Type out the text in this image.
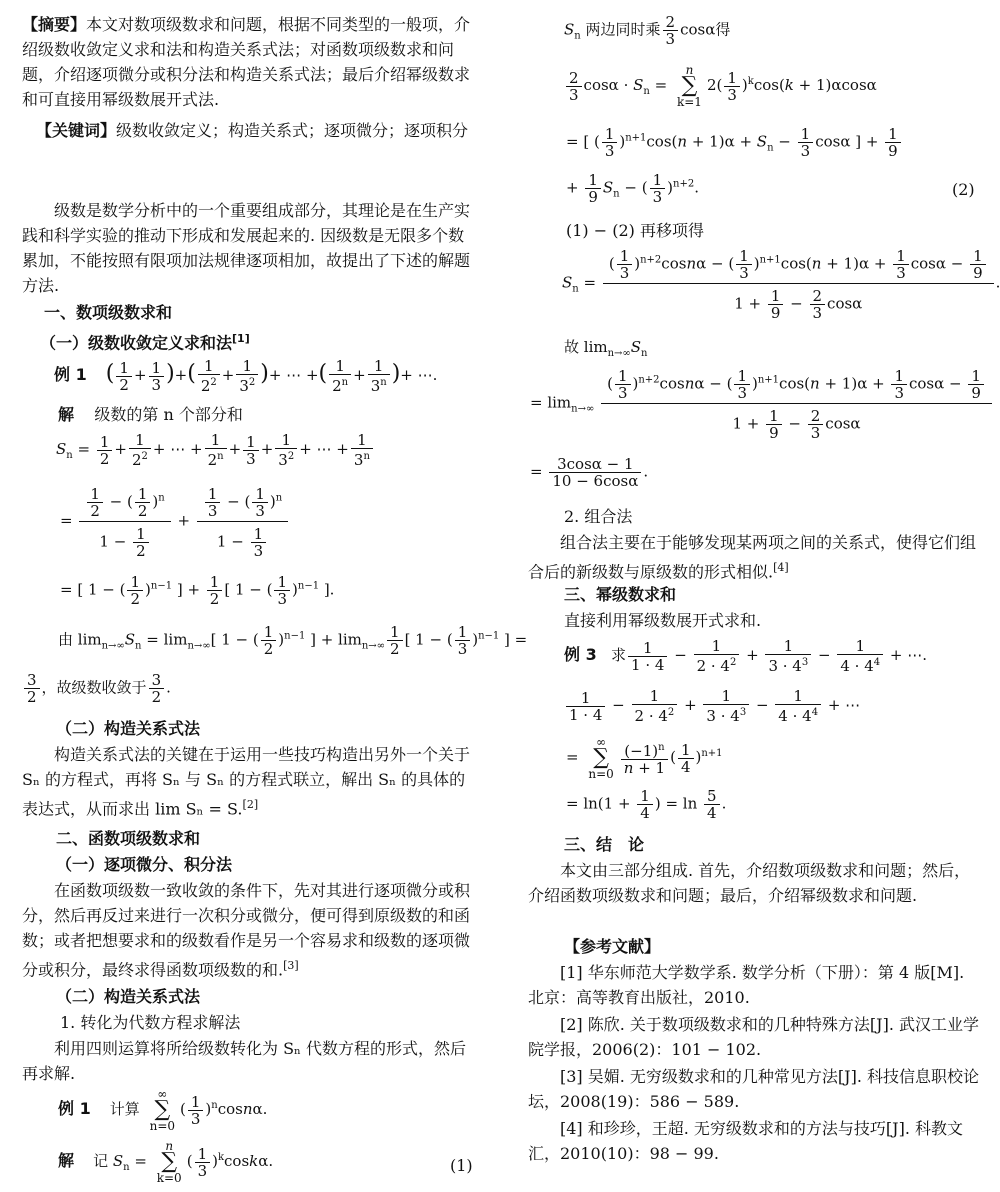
【摘要】本文对数项级数求和问题，根据不同类型的一般项，介绍级数收敛定义求和法和构造关系式法；对函数项级数求和问题，介绍逐项微分或积分法和构造关系式法；最后介绍幂级数求和可直接用幂级数展开式法.

【关键词】级数收敛定义；构造关系式；逐项微分；逐项积分

级数是数学分析中的一个重要组成部分，其理论是在生产实践和科学实验的推动下形成和发展起来的. 因级数是无限多个数累加，不能按照有限项加法规律逐项相加，故提出了下述的解题方法.

一、数项级数求和
（一）级数收敛定义求和法[1]
例 1 ( $\frac{1}{2} + \frac{1}{3}$ )+( $\frac{1}{2^2} + \frac{1}{3^2}$ )+ ⋯ +( $\frac{1}{2^n} + \frac{1}{3^n}$ )+ ⋯.
解 级数的第 n 个部分和
$S_n = \frac{1}{2} + \frac{1}{2^2}$ + ⋯ + $\frac{1}{2^n} + \frac{1}{3} + \frac{1}{3^2}$ + ⋯ + $\frac{1}{3^n}$
= $\frac{\frac{1}{2} - ( \frac{1}{2} )^n}{1 - \frac{1}{2}} + \frac{\frac{1}{3} - ( \frac{1}{3} )^n}{1 - \frac{1}{3}}$
= [ 1 − ( $\frac{1}{2} )^{n-1}$ ] + $\frac{1}{2}$ [ 1 − ( $\frac{1}{3} )^{n-1}$ ].
由 $\lim_{n\to\infty}S_n = \lim_{n\to\infty}$[ 1 − ( $\frac{1}{2} )^{n-1}$ ] + $\lim_{n\to\infty} \frac{1}{2}$ [ 1 − ( $\frac{1}{3} )^{n-1}$ ] =
$\frac{3}{2}$ ，故级数收敛于 $\frac{3}{2}$ .
（二）构造关系式法

构造关系式法的关键在于运用一些技巧构造出另外一个关于 Sₙ 的方程式，再将 Sₙ 与 Sₙ 的方程式联立，解出 Sₙ 的具体的表达式，从而求出 lim Sₙ = S.[2]

二、函数项级数求和
（一）逐项微分、积分法

在函数项级数一致收敛的条件下，先对其进行逐项微分或积分，然后再反过来进行一次积分或微分，便可得到原级数的和函数；或者把想要求和的级数看作是另一个容易求和级数的逐项微分或积分，最终求得函数项级数的和.[3]

（二）构造关系式法
1. 转化为代数方程求解法

利用四则运算将所给级数转化为 Sₙ 代数方程的形式，然后再求解.

例 1 计算
∞
∑
n=0
( $\frac{1}{3} )^n\cos n\alpha$.
解 记 $S_n$ =
n
∑
k=0
( $\frac{1}{3} )^k\cos k\alpha$.	(1)
$S_n$ 两边同时乘 $\frac{2}{3}$ cosα得
$\frac{2}{3}$ $\cos\alpha \cdot S_n$ =
n
∑
k=1
$2( \frac{1}{3} )^k\cos(k + 1)\alpha\cos\alpha$
= [ ( $\frac{1}{3} )^{n+1}\cos(n + 1)\alpha + S_n - \frac{1}{3}$ cosα ] + $\frac{1}{9}$
+ $\frac{1}{9} S_n$ − ( $\frac{1}{3} )^{n+2}$.	(2)
(1) − (2) 再移项得
$S_n = \frac{( \frac{1}{3} )^{n+2}\cos n\alpha - ( \frac{1}{3} )^{n+1}\cos(n + 1)\alpha + \frac{1}{3} \cos\alpha - \frac{1}{9}}{1 + \frac{1}{9} - \frac{2}{3} \cos\alpha}$ .
故 $\lim_{n\to\infty}S_n$
= $\lim_{n\to\infty} \frac{( \frac{1}{3} )^{n+2}\cos n\alpha - ( \frac{1}{3} )^{n+1}\cos(n + 1)\alpha + \frac{1}{3} \cos\alpha - \frac{1}{9}}{1 + \frac{1}{9} - \frac{2}{3} \cos\alpha}$
= $\frac{3\cos\alpha - 1}{10 - 6\cos\alpha}$ .
2. 组合法

组合法主要在于能够发现某两项之间的关系式，使得它们组合后的新级数与原级数的形式相似.[4]

三、幂级数求和
直接利用幂级数展开式求和.
例 3 求 $\frac{1}{1 \cdot 4} - \frac{1}{2 \cdot 4^2} + \frac{1}{3 \cdot 4^3} - \frac{1}{4 \cdot 4^4}$ + ⋯.
$\frac{1}{1 \cdot 4} - \frac{1}{2 \cdot 4^2} + \frac{1}{3 \cdot 4^3} - \frac{1}{4 \cdot 4^4}$ + ⋯
=
∞
∑
$n=0 \frac{(-1)^n}{n + 1}$ ( $\frac{1}{4} )^{n+1}$
= $\ln(1 + \frac{1}{4}$ ) = $\ln \frac{5}{4}$ .
三、结　论

本文由三部分组成. 首先，介绍数项级数求和问题；然后，介绍函数项级数求和问题；最后，介绍幂级数求和问题.

【参考文献】

[1] 华东师范大学数学系. 数学分析（下册）：第 4 版[M]. 北京：高等教育出版社，2010.

[2] 陈欣. 关于数项级数求和的几种特殊方法[J]. 武汉工业学院学报，2006(2)：101 − 102.

[3] 吴媚. 无穷级数求和的几种常见方法[J]. 科技信息职校论坛，2008(19)：586 − 589.

[4] 和珍珍，王超. 无穷级数求和的方法与技巧[J]. 科教文汇，2010(10)：98 − 99.
